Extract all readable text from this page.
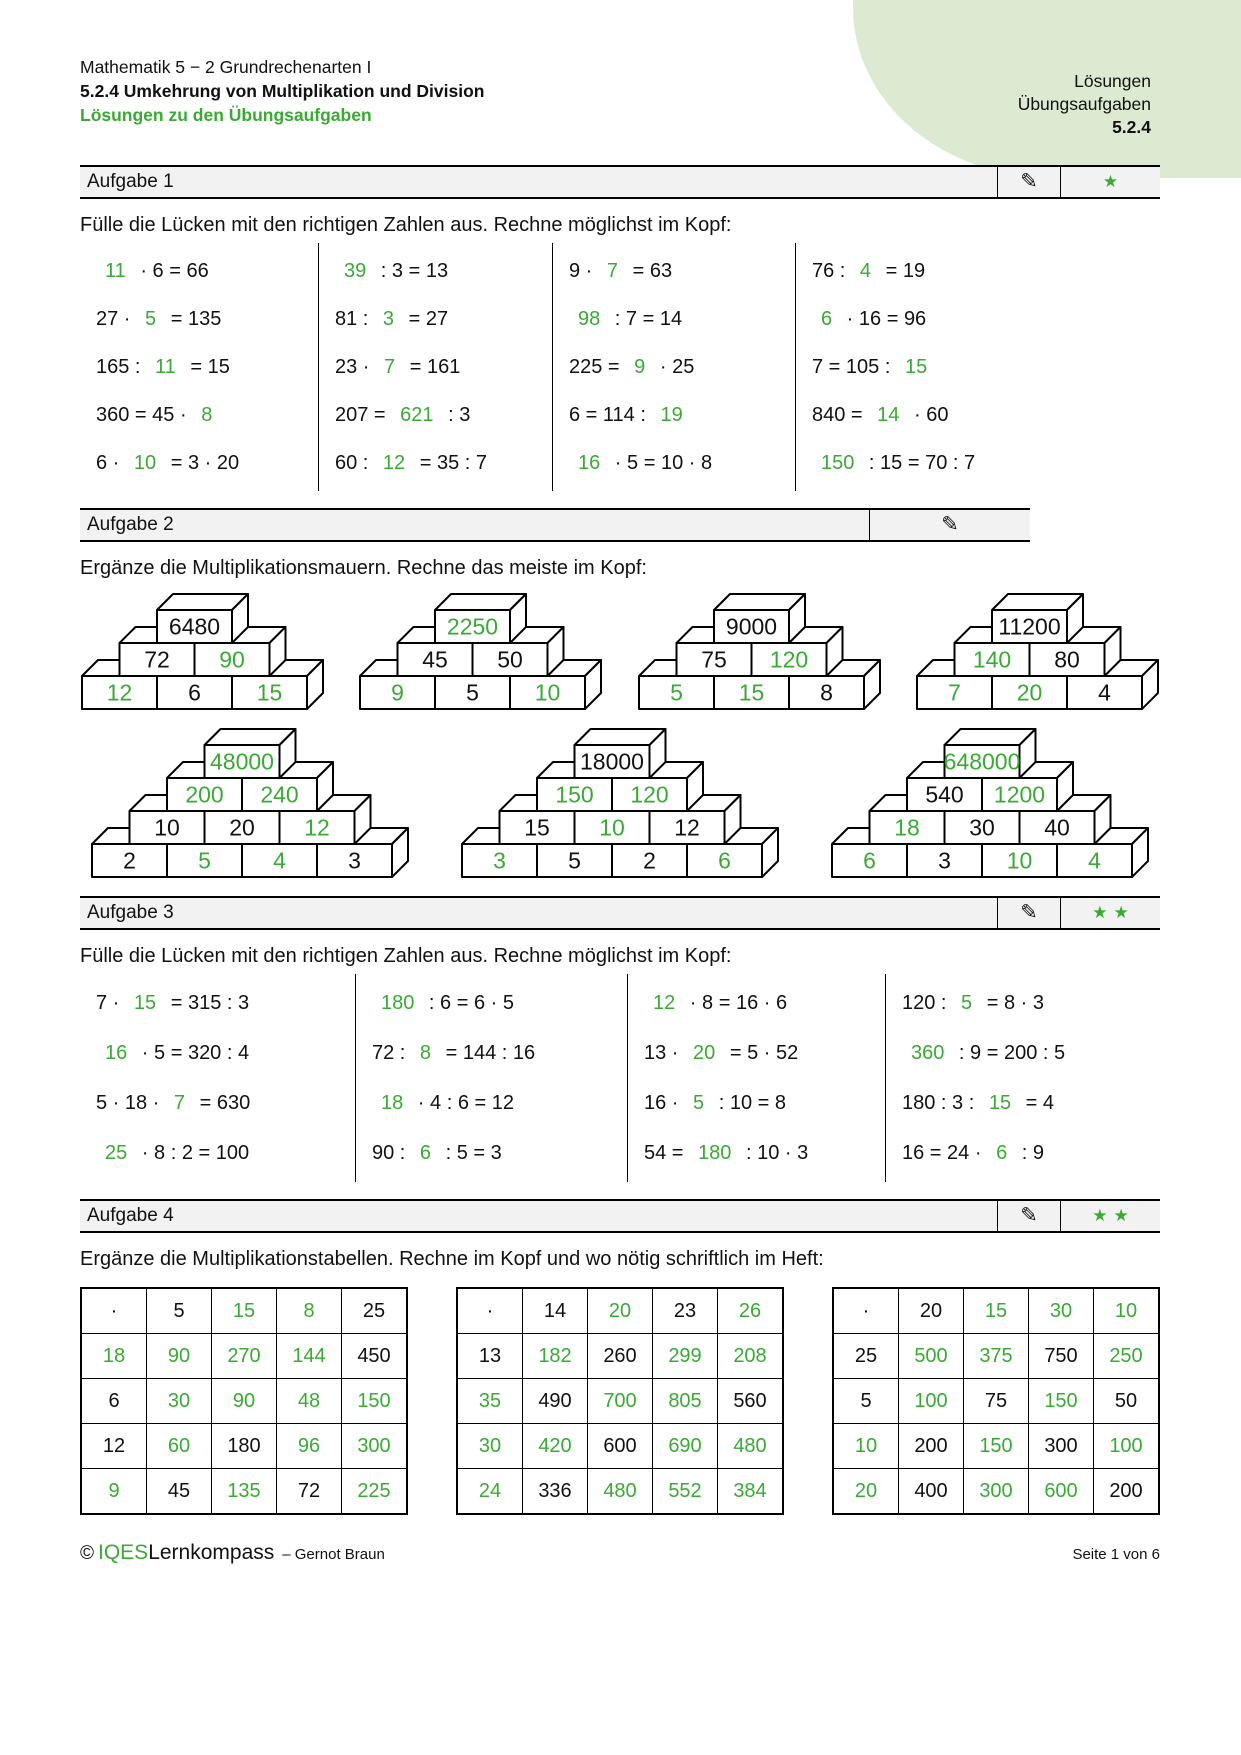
Lösungen
Übungsaufgaben
5.2.4
Mathematik 5 − 2 Grundrechenarten I
5.2.4 Umkehrung von Multiplikation und Division
Lösungen zu den Übungsaufgaben
Aufgabe 1	✎	★

Fülle die Lücken mit den richtigen Zahlen aus. Rechne möglichst im Kopf:

11 · 6 = 66
27 · 5 = 135
165 : 11 = 15
360 = 45 · 8
6 · 10 = 3 · 20
39 : 3 = 13
81 : 3 = 27
23 · 7 = 161
207 = 621 : 3
60 : 12 = 35 : 7
9 · 7 = 63
98 : 7 = 14
225 = 9 · 25
6 = 114 : 19
16 · 5 = 10 · 8
76 : 4 = 19
6 · 16 = 96
7 = 105 : 15
840 = 14 · 60
150 : 15 = 70 : 7
Aufgabe 2	✎

Ergänze die Multiplikationsmauern. Rechne das meiste im Kopf:

12 6 15
72 90
6480
9	5 10
45 50
2250
5 15 8
75 120
9000
7 20 4
140 80
11200
2	5	4	3
10 20 12
200 240
48000
3	5	2	6
15 10 12
150 120
18000
6	3 10 4
18 30 40
540 1200
648000
Aufgabe 3	✎	★★

Fülle die Lücken mit den richtigen Zahlen aus. Rechne möglichst im Kopf:

7 · 15 = 315 : 3
16 · 5 = 320 : 4
5 · 18 · 7 = 630
25 · 8 : 2 = 100
180 : 6 = 6 · 5
72 : 8 = 144 : 16
18 · 4 : 6 = 12
90 : 6 : 5 = 3
12 · 8 = 16 · 6
13 · 20 = 5 · 52
16 · 5 : 10 = 8
54 = 180 : 10 · 3
120 : 5 = 8 · 3
360 : 9 = 200 : 5
180 : 3 : 15 = 4
16 = 24 · 6 : 9
Aufgabe 4	✎	★★

Ergänze die Multiplikationstabellen. Rechne im Kopf und wo nötig schriftlich im Heft:

·	5	15	8	25
18	90	270	144	450
6	30	90	48	150
12	60	180	96	300
9	45	135	72	225
·	14	20	23	26
13	182	260	299	208
35	490	700	805	560
30	420	600	690	480
24	336	480	552	384
·	20	15	30	10
25	500	375	750	250
5	100	75	150	50
10	200	150	300	100
20	400	300	600	200
© IQESLernkompass – Gernot Braun	Seite 1 von 6
